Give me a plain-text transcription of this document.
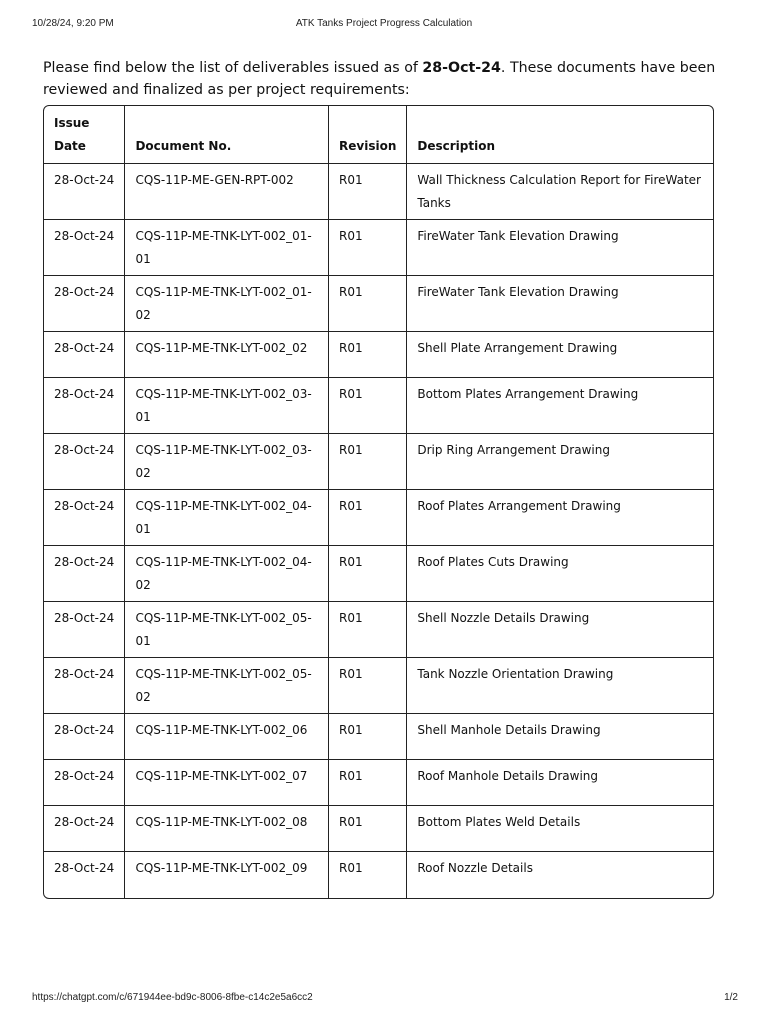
10/28/24, 9:20 PM	ATK Tanks Project Progress Calculation

Please find below the list of deliverables issued as of 28-Oct-24. These documents have been reviewed and finalized as per project requirements:

Issue Date	Document No.	Revision	Description
28-Oct-24	CQS-11P-ME-GEN-RPT-002	R01	Wall Thickness Calculation Report for FireWater Tanks
28-Oct-24	CQS-11P-ME-TNK-LYT-002_01-01	R01	FireWater Tank Elevation Drawing
28-Oct-24	CQS-11P-ME-TNK-LYT-002_01-02	R01	FireWater Tank Elevation Drawing
28-Oct-24	CQS-11P-ME-TNK-LYT-002_02	R01	Shell Plate Arrangement Drawing
28-Oct-24	CQS-11P-ME-TNK-LYT-002_03-01	R01	Bottom Plates Arrangement Drawing
28-Oct-24	CQS-11P-ME-TNK-LYT-002_03-02	R01	Drip Ring Arrangement Drawing
28-Oct-24	CQS-11P-ME-TNK-LYT-002_04-01	R01	Roof Plates Arrangement Drawing
28-Oct-24	CQS-11P-ME-TNK-LYT-002_04-02	R01	Roof Plates Cuts Drawing
28-Oct-24	CQS-11P-ME-TNK-LYT-002_05-01	R01	Shell Nozzle Details Drawing
28-Oct-24	CQS-11P-ME-TNK-LYT-002_05-02	R01	Tank Nozzle Orientation Drawing
28-Oct-24	CQS-11P-ME-TNK-LYT-002_06	R01	Shell Manhole Details Drawing
28-Oct-24	CQS-11P-ME-TNK-LYT-002_07	R01	Roof Manhole Details Drawing
28-Oct-24	CQS-11P-ME-TNK-LYT-002_08	R01	Bottom Plates Weld Details
28-Oct-24	CQS-11P-ME-TNK-LYT-002_09	R01	Roof Nozzle Details
https://chatgpt.com/c/671944ee-bd9c-8006-8fbe-c14c2e5a6cc2	1/2
